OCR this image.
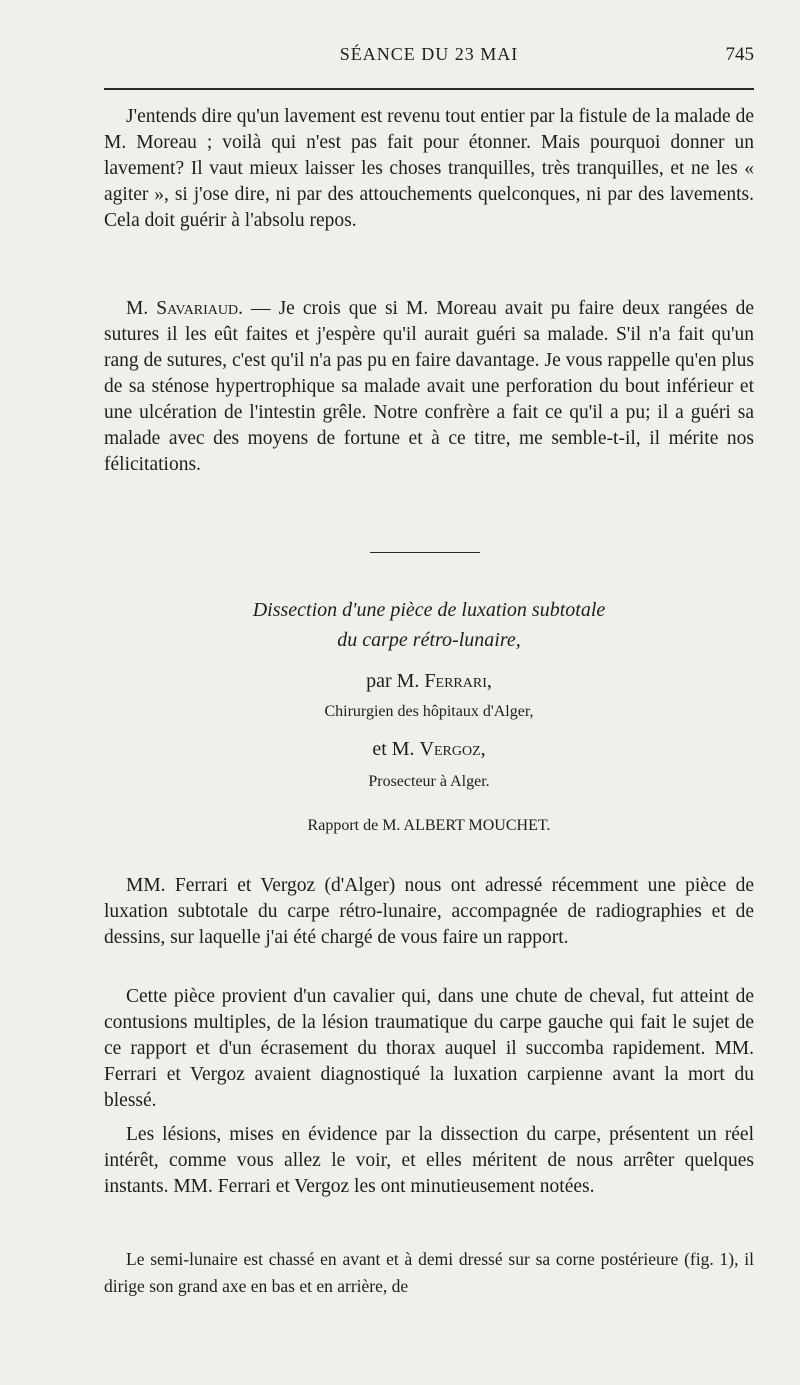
SÉANCE DU 23 MAI	745

J'entends dire qu'un lavement est revenu tout entier par la fistule de la malade de M. Moreau ; voilà qui n'est pas fait pour étonner. Mais pourquoi donner un lavement? Il vaut mieux laisser les choses tranquilles, très tranquilles, et ne les « agiter », si j'ose dire, ni par des attouchements quelconques, ni par des lavements. Cela doit guérir à l'absolu repos.

M. Savariaud. — Je crois que si M. Moreau avait pu faire deux rangées de sutures il les eût faites et j'espère qu'il aurait guéri sa malade. S'il n'a fait qu'un rang de sutures, c'est qu'il n'a pas pu en faire davantage. Je vous rappelle qu'en plus de sa sténose hypertrophique sa malade avait une perforation du bout inférieur et une ulcération de l'intestin grêle. Notre confrère a fait ce qu'il a pu; il a guéri sa malade avec des moyens de fortune et à ce titre, me semble-t-il, il mérite nos félicitations.

Dissection d'une pièce de luxation subtotale
du carpe rétro-lunaire,
par M. Ferrari,
Chirurgien des hôpitaux d'Alger,
et M. Vergoz,
Prosecteur à Alger.
Rapport de M. ALBERT MOUCHET.

MM. Ferrari et Vergoz (d'Alger) nous ont adressé récemment une pièce de luxation subtotale du carpe rétro-lunaire, accompagnée de radiographies et de dessins, sur laquelle j'ai été chargé de vous faire un rapport.

Cette pièce provient d'un cavalier qui, dans une chute de cheval, fut atteint de contusions multiples, de la lésion traumatique du carpe gauche qui fait le sujet de ce rapport et d'un écrasement du thorax auquel il succomba rapidement. MM. Ferrari et Vergoz avaient diagnostiqué la luxation carpienne avant la mort du blessé.

Les lésions, mises en évidence par la dissection du carpe, présentent un réel intérêt, comme vous allez le voir, et elles méritent de nous arrêter quelques instants. MM. Ferrari et Vergoz les ont minutieusement notées.

Le semi-lunaire est chassé en avant et à demi dressé sur sa corne postérieure (fig. 1), il dirige son grand axe en bas et en arrière, de
